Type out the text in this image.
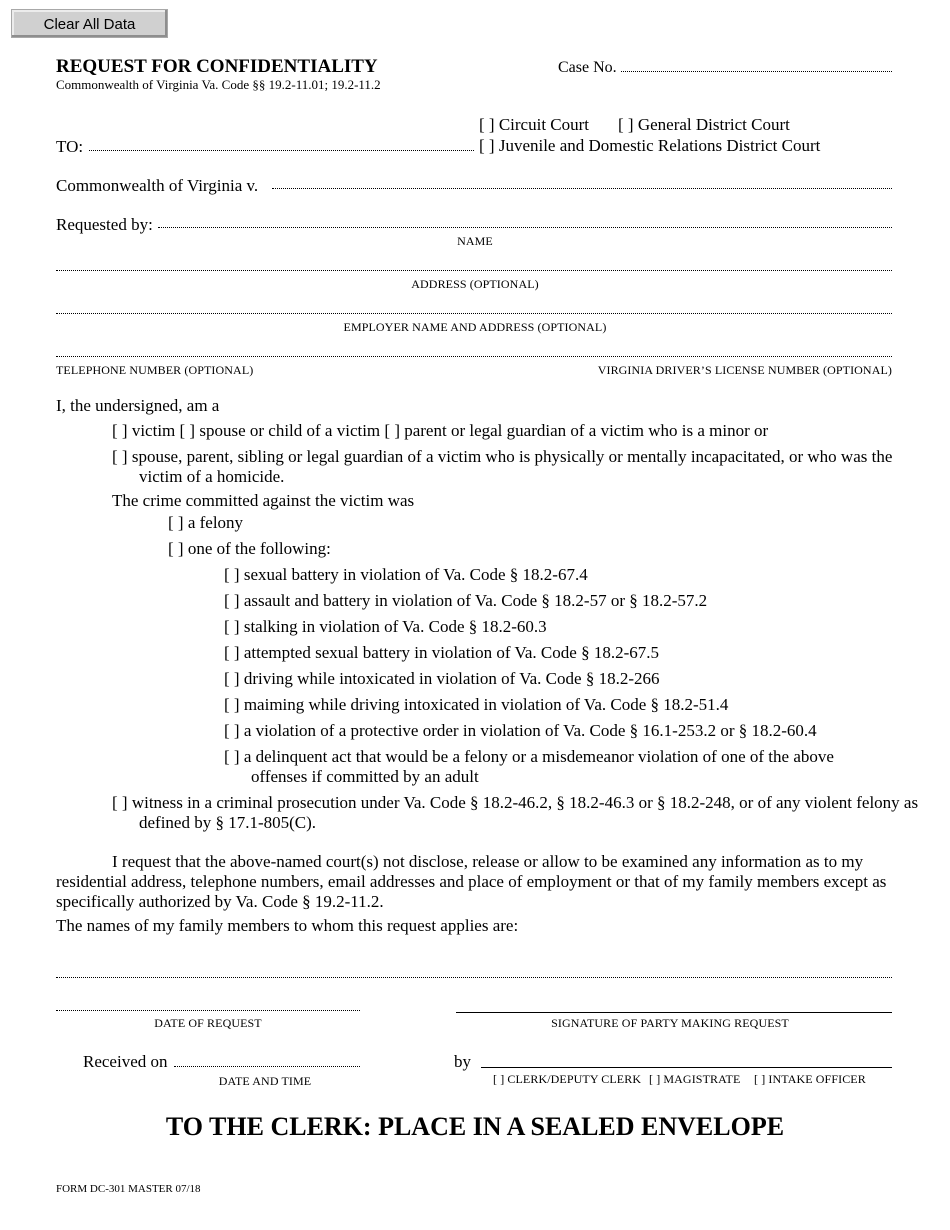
Clear All Data
REQUEST FOR CONFIDENTIALITY
Commonwealth of Virginia Va. Code §§ 19.2-11.01; 19.2-11.2
Case No.
[ ] Circuit Court [ ] General District Court
[ ] Juvenile and Domestic Relations District Court
TO:
Commonwealth of Virginia v.
Requested by:
NAME
ADDRESS (OPTIONAL)
EMPLOYER NAME AND ADDRESS (OPTIONAL)
TELEPHONE NUMBER (OPTIONAL)	VIRGINIA DRIVER’S LICENSE NUMBER (OPTIONAL)
I, the undersigned, am a
[ ] victim [ ] spouse or child of a victim [ ] parent or legal guardian of a victim who is a minor or
[ ] spouse, parent, sibling or legal guardian of a victim who is physically or mentally incapacitated, or who was the victim of a homicide.
The crime committed against the victim was
[ ] a felony
[ ] one of the following:
[ ] sexual battery in violation of Va. Code § 18.2-67.4
[ ] assault and battery in violation of Va. Code § 18.2-57 or § 18.2-57.2
[ ] stalking in violation of Va. Code § 18.2-60.3
[ ] attempted sexual battery in violation of Va. Code § 18.2-67.5
[ ] driving while intoxicated in violation of Va. Code § 18.2-266
[ ] maiming while driving intoxicated in violation of Va. Code § 18.2-51.4
[ ] a violation of a protective order in violation of Va. Code § 16.1-253.2 or § 18.2-60.4
[ ] a delinquent act that would be a felony or a misdemeanor violation of one of the above offenses if committed by an adult
[ ] witness in a criminal prosecution under Va. Code § 18.2-46.2, § 18.2-46.3 or § 18.2-248, or of any violent felony as defined by § 17.1-805(C).
I request that the above-named court(s) not disclose, release or allow to be examined any information as to my residential address, telephone numbers, email addresses and place of employment or that of my family members except as specifically authorized by Va. Code § 19.2-11.2.
The names of my family members to whom this request applies are:
DATE OF REQUEST	SIGNATURE OF PARTY MAKING REQUEST
Received on
DATE AND TIME
by
[ ] CLERK/DEPUTY CLERK [ ] MAGISTRATE [ ] INTAKE OFFICER
TO THE CLERK: PLACE IN A SEALED ENVELOPE
FORM DC-301 MASTER 07/18
